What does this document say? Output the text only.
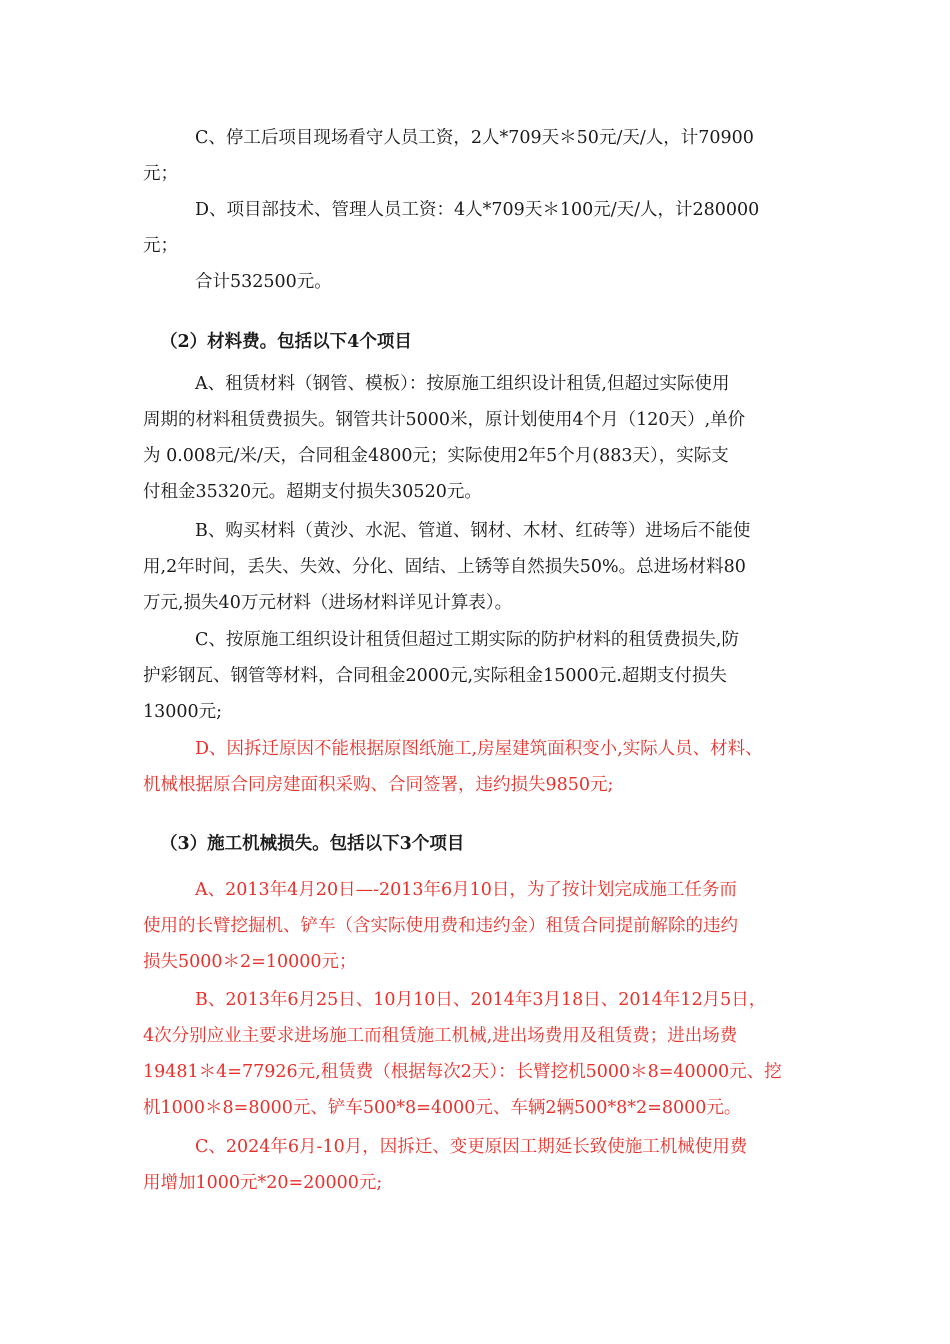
C、停工后项目现场看守人员工资，2人*709天＊50元/天/人，计70900
元；

D、项目部技术、管理人员工资：4人*709天＊100元/天/人，计280000
元；

合计532500元。

（2）材料费。包括以下4个项目

A、租赁材料（钢管、模板）：按原施工组织设计租赁,但超过实际使用
周期的材料租赁费损失。钢管共计5000米，原计划使用4个月（120天）,单价
为 0.008元/米/天，合同租金4800元；实际使用2年5个月(883天），实际支
付租金35320元。超期支付损失30520元。

B、购买材料（黄沙、水泥、管道、钢材、木材、红砖等）进场后不能使
用,2年时间，丢失、失效、分化、固结、上锈等自然损失50%。总进场材料80
万元,损失40万元材料（进场材料详见计算表）。

C、按原施工组织设计租赁但超过工期实际的防护材料的租赁费损失,防
护彩钢瓦、钢管等材料，合同租金2000元,实际租金15000元.超期支付损失
13000元;

D、因拆迁原因不能根据原图纸施工,房屋建筑面积变小,实际人员、材料、
机械根据原合同房建面积采购、合同签署，违约损失9850元;

（3）施工机械损失。包括以下3个项目

A、2013年4月20日—-2013年6月10日，为了按计划完成施工任务而
使用的长臂挖掘机、铲车（含实际使用费和违约金）租赁合同提前解除的违约
损失5000＊2=10000元；

B、2013年6月25日、10月10日、2014年3月18日、2014年12月5日，
4次分别应业主要求进场施工而租赁施工机械,进出场费用及租赁费；进出场费
19481＊4=77926元,租赁费（根据每次2天）：长臂挖机5000＊8=40000元、挖
机1000＊8=8000元、铲车500*8=4000元、车辆2辆500*8*2=8000元。

C、2024年6月-10月，因拆迁、变更原因工期延长致使施工机械使用费
用增加1000元*20=20000元;
